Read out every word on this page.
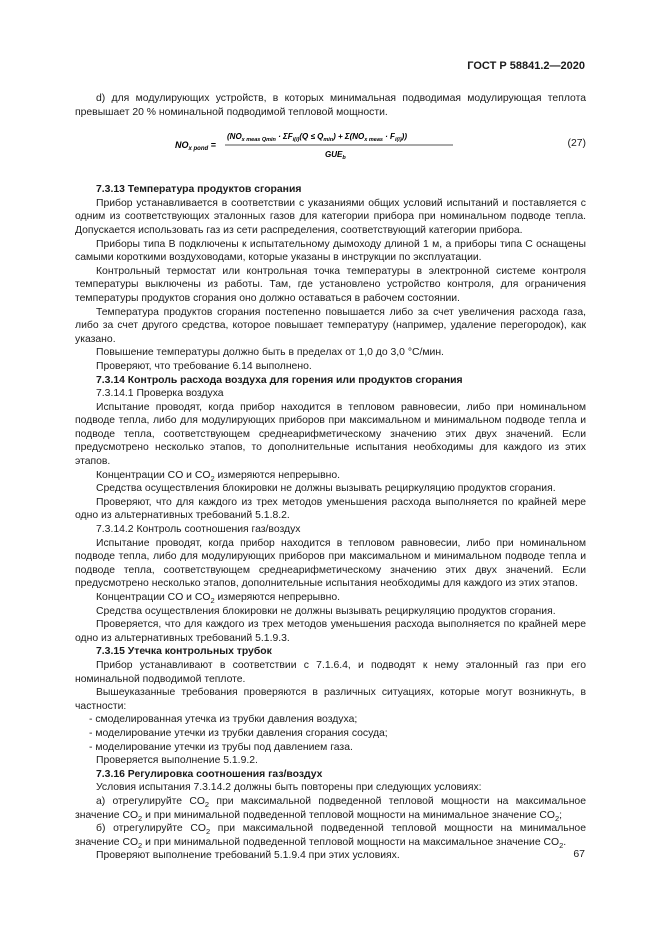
ГОСТ Р 58841.2—2020

d) для модулирующих устройств, в которых минимальная подводимая модулирующая теплота превышает 20 % номинальной подводимой тепловой мощности.

$NO_{x pond}$ =
$(NO_{x meas Qmin} \cdot \Sigma F_{i(i)}(Q \le Q_{min}) + \Sigma(NO_{x meas} \cdot F_{i(i)}))$
$GUE_b$
(27)

7.3.13 Температура продуктов сгорания

Прибор устанавливается в соответствии с указаниями общих условий испытаний и поставляется с одним из соответствующих эталонных газов для категории прибора при номинальном подводе тепла. Допускается использовать газ из сети распределения, соответствующий категории прибора.

Приборы типа B подключены к испытательному дымоходу длиной 1 м, а приборы типа C оснащены самыми короткими воздуховодами, которые указаны в инструкции по эксплуатации.

Контрольный термостат или контрольная точка температуры в электронной системе контроля температуры выключены из работы. Там, где установлено устройство контроля, для ограничения температуры продуктов сгорания оно должно оставаться в рабочем состоянии.

Температура продуктов сгорания постепенно повышается либо за счет увеличения расхода газа, либо за счет другого средства, которое повышает температуру (например, удаление перегородок), как указано.

Повышение температуры должно быть в пределах от 1,0 до 3,0 °С/мин.

Проверяют, что требование 6.14 выполнено.

7.3.14 Контроль расхода воздуха для горения или продуктов сгорания

7.3.14.1 Проверка воздуха

Испытание проводят, когда прибор находится в тепловом равновесии, либо при номинальном подводе тепла, либо для модулирующих приборов при максимальном и минимальном подводе тепла и подводе тепла, соответствующем среднеарифметическому значению этих двух значений. Если предусмотрено несколько этапов, то дополнительные испытания необходимы для каждого из этих этапов.

Концентрации CO и $CO_2$ измеряются непрерывно.

Средства осуществления блокировки не должны вызывать рециркуляцию продуктов сгорания.

Проверяют, что для каждого из трех методов уменьшения расхода выполняется по крайней мере одно из альтернативных требований 5.1.8.2.

7.3.14.2 Контроль соотношения газ/воздух

Испытание проводят, когда прибор находится в тепловом равновесии, либо при номинальном подводе тепла, либо для модулирующих приборов при максимальном и минимальном подводе тепла и подводе тепла, соответствующем среднеарифметическому значению этих двух значений. Если предусмотрено несколько этапов, дополнительные испытания необходимы для каждого из этих этапов.

Концентрации CO и $CO_2$ измеряются непрерывно.

Средства осуществления блокировки не должны вызывать рециркуляцию продуктов сгорания.

Проверяется, что для каждого из трех методов уменьшения расхода выполняется по крайней мере одно из альтернативных требований 5.1.9.3.

7.3.15 Утечка контрольных трубок

Прибор устанавливают в соответствии с 7.1.6.4, и подводят к нему эталонный газ при его номинальной подводимой теплоте.

Вышеуказанные требования проверяются в различных ситуациях, которые могут возникнуть, в частности:

- смоделированная утечка из трубки давления воздуха;

- моделирование утечки из трубки давления сгорания сосуда;

- моделирование утечки из трубы под давлением газа.

Проверяется выполнение 5.1.9.2.

7.3.16 Регулировка соотношения газ/воздух

Условия испытания 7.3.14.2 должны быть повторены при следующих условиях:

а) отрегулируйте $CO_2$ при максимальной подведенной тепловой мощности на максимальное значение $CO_2$ и при минимальной подведенной тепловой мощности на минимальное значение $CO_2$;

б) отрегулируйте $CO_2$ при максимальной подведенной тепловой мощности на минимальное значение $CO_2$ и при минимальной подведенной тепловой мощности на максимальное значение $CO_2$.

Проверяют выполнение требований 5.1.9.4 при этих условиях.	67
